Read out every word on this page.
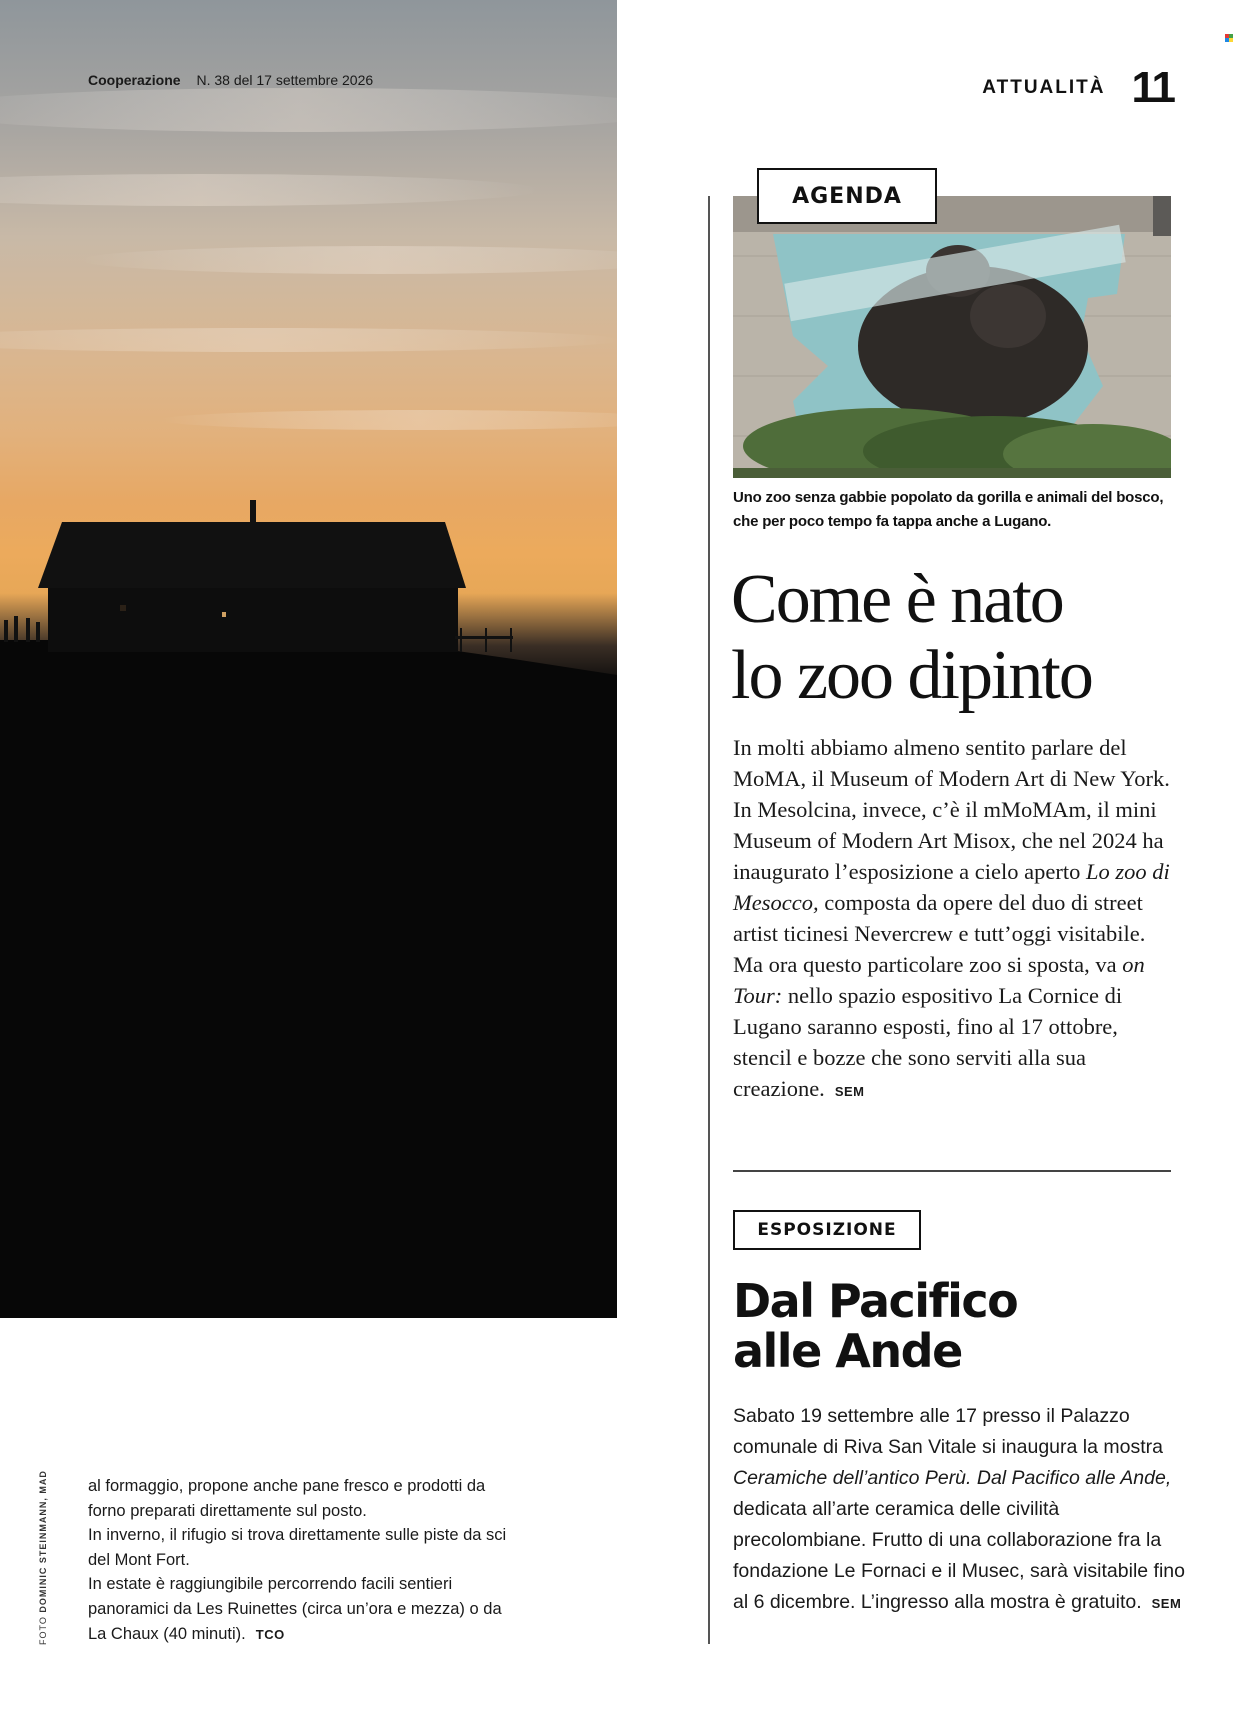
Cooperazione N. 38 del 17 settembre 2026	ATTUALITÀ 11
AGENDA
Uno zoo senza gabbie popolato da gorilla e animali del bosco, che per poco tempo fa tappa anche a Lugano.
Come è nato
lo zoo dipinto
In molti abbiamo almeno sentito parlare del MoMA, il Museum of Modern Art di New York. In Mesolcina, invece, c’è il mMoMAm, il mini Museum of Modern Art Misox, che nel 2024 ha inaugurato l’esposizione a cielo aperto Lo zoo di Mesocco, composta da opere del duo di street artist ticinesi Nevercrew e tutt’oggi visitabile. Ma ora questo particolare zoo si sposta, va on Tour: nello spazio espositivo La Cornice di Lugano saranno esposti, fino al 17 ottobre, stencil e bozze che sono serviti alla sua creazione. SEM
ESPOSIZIONE
Dal Pacifico
alle Ande
Sabato 19 settembre alle 17 presso il Palazzo comunale di Riva San Vitale si inaugura la mostra Ceramiche dell’antico Perù. Dal Pacifico alle Ande, dedicata all’arte ceramica delle civilità precolombiane. Frutto di una collaborazione fra la fondazione Le Fornaci e il Musec, sarà visitabile fino al 6 dicembre. L’ingresso alla mostra è gratuito. SEM
al formaggio, propone anche pane fresco e prodotti da forno preparati direttamente sul posto.
In inverno, il rifugio si trova direttamente sulle piste da sci del Mont Fort.
In estate è raggiungibile percorrendo facili sentieri panoramici da Les Ruinettes (circa un’ora e mezza) o da La Chaux (40 minuti). TCO
FOTO DOMINIC STEINMANN, MAD
